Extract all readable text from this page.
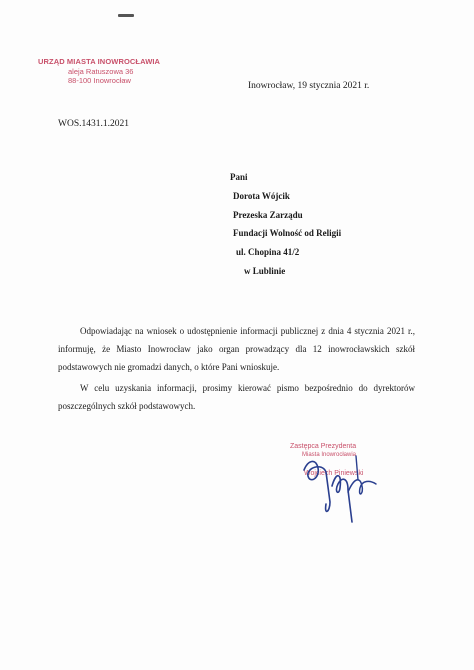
URZĄD MIASTA INOWROCŁAWIA
aleja Ratuszowa 36
88-100 Inowrocław
Inowrocław, 19 stycznia 2021 r.
WOS.1431.1.2021
Pani
Dorota Wójcik
Prezeska Zarządu
Fundacji Wolność od Religii
ul. Chopina 41/2
w Lublinie
Odpowiadając na wniosek o udostępnienie informacji publicznej z dnia 4 stycznia 2021 r., informuję, że Miasto Inowrocław jako organ prowadzący dla 12 inowrocławskich szkół podstawowych nie gromadzi danych, o które Pani wnioskuje.
W celu uzyskania informacji, prosimy kierować pismo bezpośrednio do dyrektorów poszczególnych szkół podstawowych.
Zastępca Prezydenta
Miasta Inowrocławia

Wojciech Piniewski
